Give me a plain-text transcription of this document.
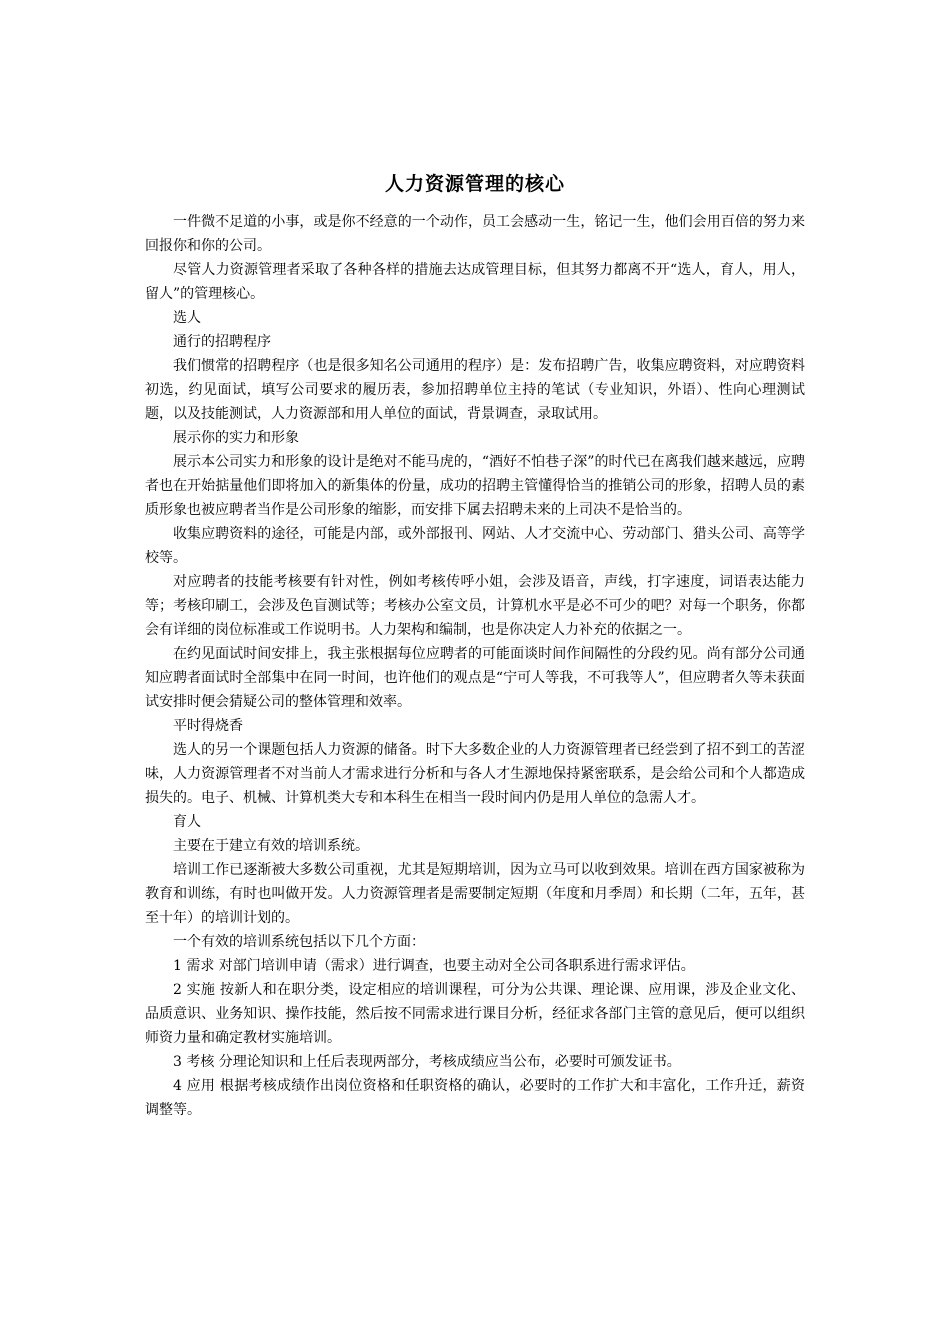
人力资源管理的核心

一件微不足道的小事，或是你不经意的一个动作，员工会感动一生，铭记一生，他们会用百倍的努力来回报你和你的公司。

尽管人力资源管理者采取了各种各样的措施去达成管理目标，但其努力都离不开“选人，育人，用人，留人”的管理核心。

选人

通行的招聘程序

我们惯常的招聘程序（也是很多知名公司通用的程序）是：发布招聘广告，收集应聘资料，对应聘资料初选，约见面试，填写公司要求的履历表，参加招聘单位主持的笔试（专业知识，外语）、性向心理测试题，以及技能测试，人力资源部和用人单位的面试，背景调查，录取试用。

展示你的实力和形象

展示本公司实力和形象的设计是绝对不能马虎的，“酒好不怕巷子深”的时代已在离我们越来越远，应聘者也在开始掂量他们即将加入的新集体的份量，成功的招聘主管懂得恰当的推销公司的形象，招聘人员的素质形象也被应聘者当作是公司形象的缩影，而安排下属去招聘未来的上司决不是恰当的。

收集应聘资料的途径，可能是内部，或外部报刊、网站、人才交流中心、劳动部门、猎头公司、高等学校等。

对应聘者的技能考核要有针对性，例如考核传呼小姐，会涉及语音，声线，打字速度，词语表达能力等；考核印刷工，会涉及色盲测试等；考核办公室文员，计算机水平是必不可少的吧？对每一个职务，你都会有详细的岗位标准或工作说明书。人力架构和编制，也是你决定人力补充的依据之一。

在约见面试时间安排上，我主张根据每位应聘者的可能面谈时间作间隔性的分段约见。尚有部分公司通知应聘者面试时全部集中在同一时间，也许他们的观点是“宁可人等我，不可我等人”，但应聘者久等未获面试安排时便会猜疑公司的整体管理和效率。

平时得烧香

选人的另一个课题包括人力资源的储备。时下大多数企业的人力资源管理者已经尝到了招不到工的苦涩味，人力资源管理者不对当前人才需求进行分析和与各人才生源地保持紧密联系，是会给公司和个人都造成损失的。电子、机械、计算机类大专和本科生在相当一段时间内仍是用人单位的急需人才。

育人

主要在于建立有效的培训系统。

培训工作已逐渐被大多数公司重视，尤其是短期培训，因为立马可以收到效果。培训在西方国家被称为教育和训练，有时也叫做开发。人力资源管理者是需要制定短期（年度和月季周）和长期（二年，五年，甚至十年）的培训计划的。

一个有效的培训系统包括以下几个方面：

1 需求 对部门培训申请（需求）进行调查，也要主动对全公司各职系进行需求评估。

2 实施 按新人和在职分类，设定相应的培训课程，可分为公共课、理论课、应用课，涉及企业文化、品质意识、业务知识、操作技能，然后按不同需求进行课目分析，经征求各部门主管的意见后，便可以组织师资力量和确定教材实施培训。

3 考核 分理论知识和上任后表现两部分，考核成绩应当公布，必要时可颁发证书。

4 应用 根据考核成绩作出岗位资格和任职资格的确认，必要时的工作扩大和丰富化，工作升迁，薪资调整等。
